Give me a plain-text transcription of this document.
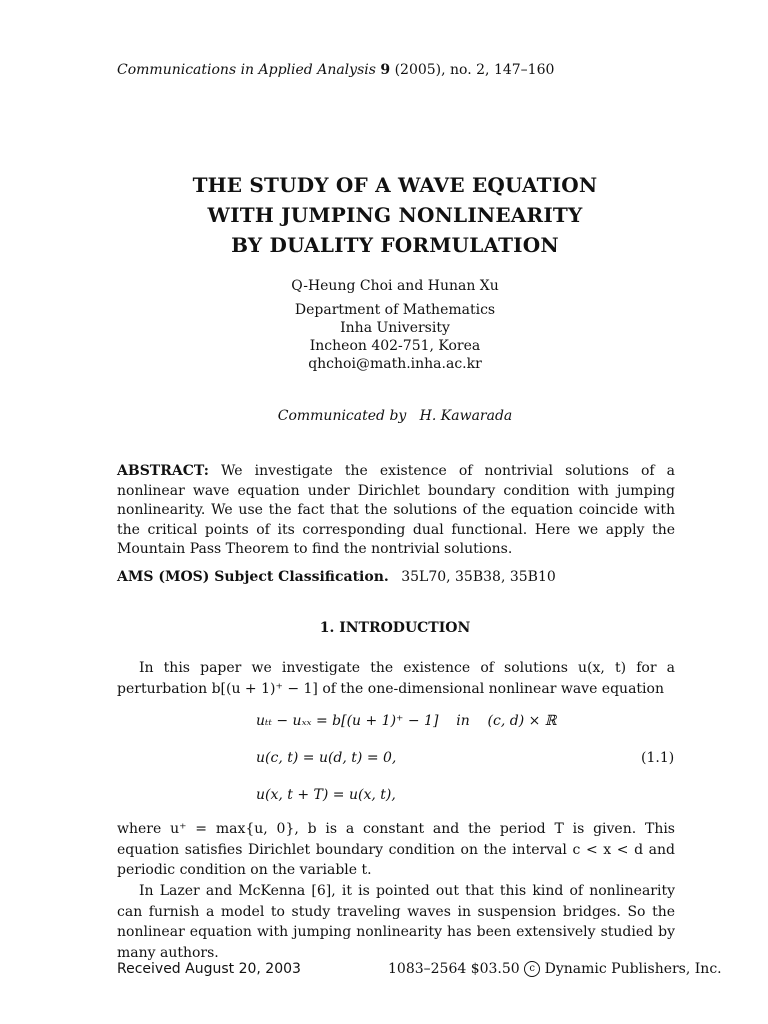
Communications in Applied Analysis 9 (2005), no. 2, 147–160
THE STUDY OF A WAVE EQUATION
WITH JUMPING NONLINEARITY
BY DUALITY FORMULATION
Q-Heung Choi and Hunan Xu
Department of Mathematics
Inha University
Incheon 402-751, Korea
qhchoi@math.inha.ac.kr
Communicated by   H. Kawarada
ABSTRACT: We investigate the existence of nontrivial solutions of a nonlinear wave equation under Dirichlet boundary condition with jumping nonlinearity. We use the fact that the solutions of the equation coincide with the critical points of its corresponding dual functional. Here we apply the Mountain Pass Theorem to find the nontrivial solutions.
AMS (MOS) Subject Classification. 35L70, 35B38, 35B10
1. INTRODUCTION
In this paper we investigate the existence of solutions u(x, t) for a perturbation b[(u + 1)⁺ − 1] of the one-dimensional nonlinear wave equation
uₜₜ − uₓₓ = b[(u + 1)⁺ − 1]    in    (c, d) × ℝ
u(c, t) = u(d, t) = 0,	(1.1)
u(x, t + T) = u(x, t),
where u⁺ = max{u, 0}, b is a constant and the period T is given. This equation satisfies Dirichlet boundary condition on the interval c < x < d and periodic condition on the variable t.
In Lazer and McKenna [6], it is pointed out that this kind of nonlinearity can furnish a model to study traveling waves in suspension bridges. So the nonlinear equation with jumping nonlinearity has been extensively studied by many authors.
Received August 20, 2003	1083–2564 $03.50 c Dynamic Publishers, Inc.
